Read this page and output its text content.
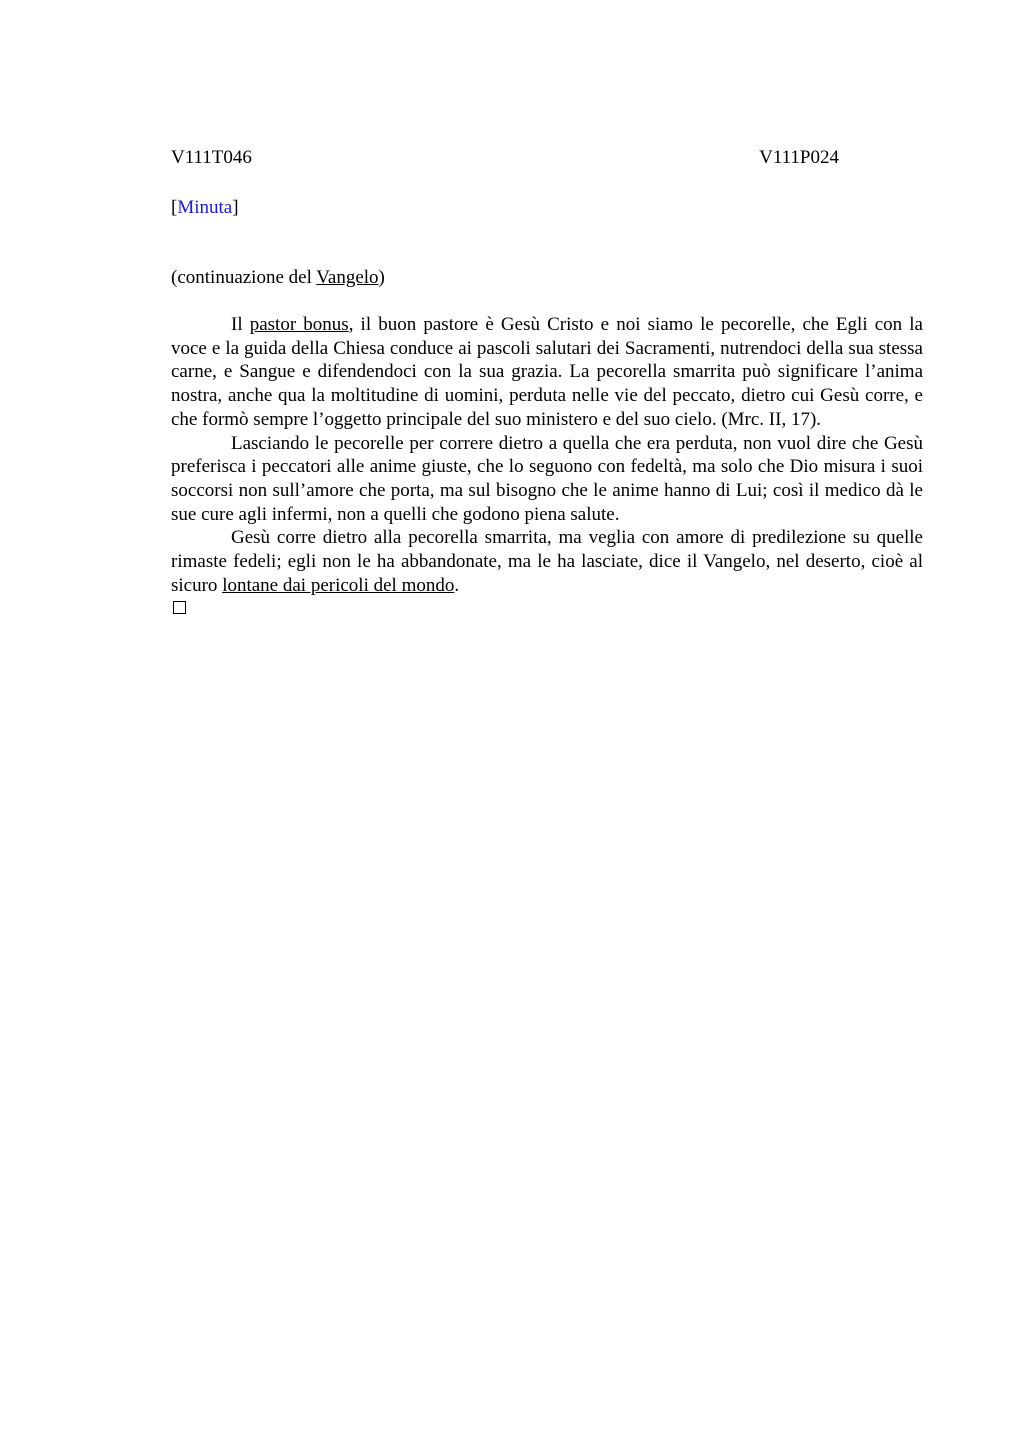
V111T046	V111P024
[Minuta]
(continuazione del Vangelo)

Il pastor bonus, il buon pastore è Gesù Cristo e noi siamo le pecorelle, che Egli con la voce e la guida della Chiesa conduce ai pascoli salutari dei Sacramenti, nutrendoci della sua stessa carne, e Sangue e difendendoci con la sua grazia. La pecorella smarrita può significare l’anima nostra, anche qua la moltitudine di uomini, perduta nelle vie del peccato, dietro cui Gesù corre, e che formò sempre l’oggetto principale del suo ministero e del suo cielo. (Mrc. II, 17).

Lasciando le pecorelle per correre dietro a quella che era perduta, non vuol dire che Gesù preferisca i peccatori alle anime giuste, che lo seguono con fedeltà, ma solo che Dio misura i suoi soccorsi non sull’amore che porta, ma sul bisogno che le anime hanno di Lui; così il medico dà le sue cure agli infermi, non a quelli che godono piena salute.

Gesù corre dietro alla pecorella smarrita, ma veglia con amore di predilezione su quelle rimaste fedeli; egli non le ha abbandonate, ma le ha lasciate, dice il Vangelo, nel deserto, cioè al sicuro lontane dai pericoli del mondo.
